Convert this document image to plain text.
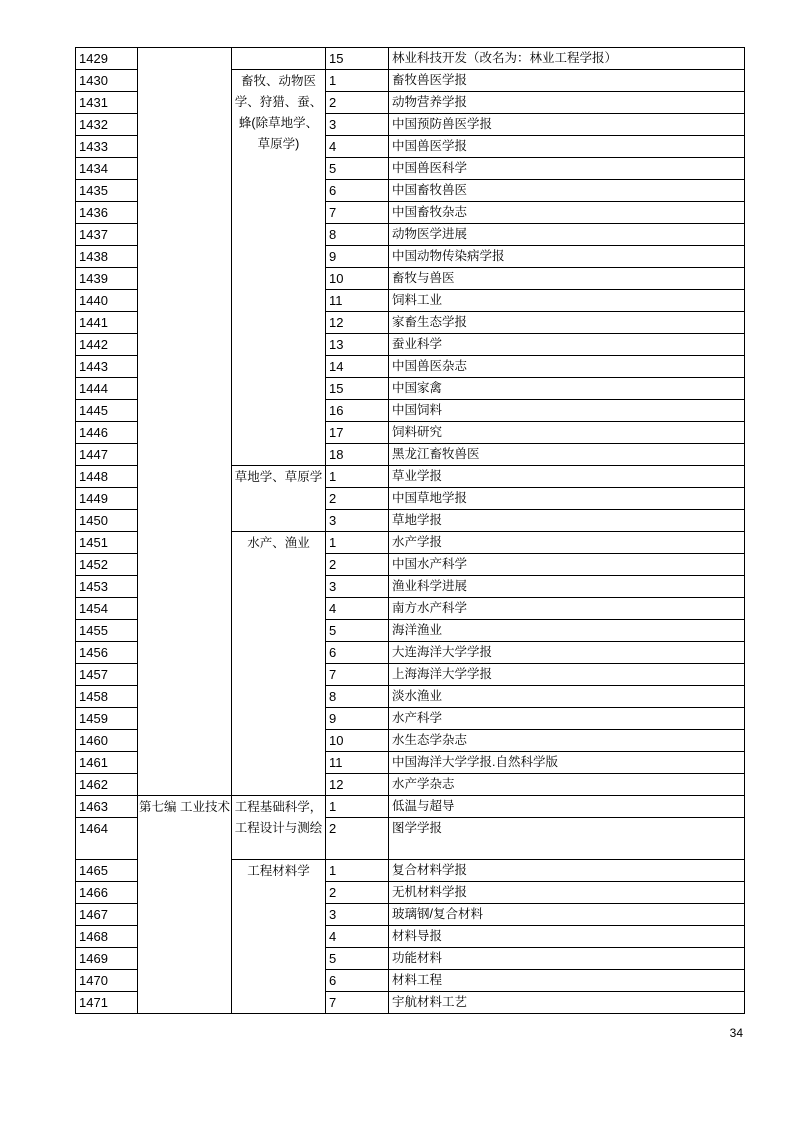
1429			15	林业科技开发（改名为：林业工程学报）
1430		畜牧、动物医学、狩猎、蚕、蜂(除草地学、草原学)	1	畜牧兽医学报
1431			2	动物营养学报
1432			3	中国预防兽医学报
1433			4	中国兽医学报
1434			5	中国兽医科学
1435			6	中国畜牧兽医
1436			7	中国畜牧杂志
1437			8	动物医学进展
1438			9	中国动物传染病学报
1439			10	畜牧与兽医
1440			11	饲料工业
1441			12	家畜生态学报
1442			13	蚕业科学
1443			14	中国兽医杂志
1444			15	中国家禽
1445			16	中国饲料
1446			17	饲料研究
1447			18	黑龙江畜牧兽医
1448		草地学、草原学	1	草业学报
1449			2	中国草地学报
1450			3	草地学报
1451		水产、渔业	1	水产学报
1452			2	中国水产科学
1453			3	渔业科学进展
1454			4	南方水产科学
1455			5	海洋渔业
1456			6	大连海洋大学学报
1457			7	上海海洋大学学报
1458			8	淡水渔业
1459			9	水产科学
1460			10	水生态学杂志
1461			11	中国海洋大学学报.自然科学版
1462			12	水产学杂志
1463	第七编 工业技术	工程基础科学，工程设计与测绘	1	低温与超导
1464			2	图学学报
1465		工程材料学	1	复合材料学报
1466			2	无机材料学报
1467			3	玻璃钢/复合材料
1468			4	材料导报
1469			5	功能材料
1470			6	材料工程
1471			7	宇航材料工艺
34
